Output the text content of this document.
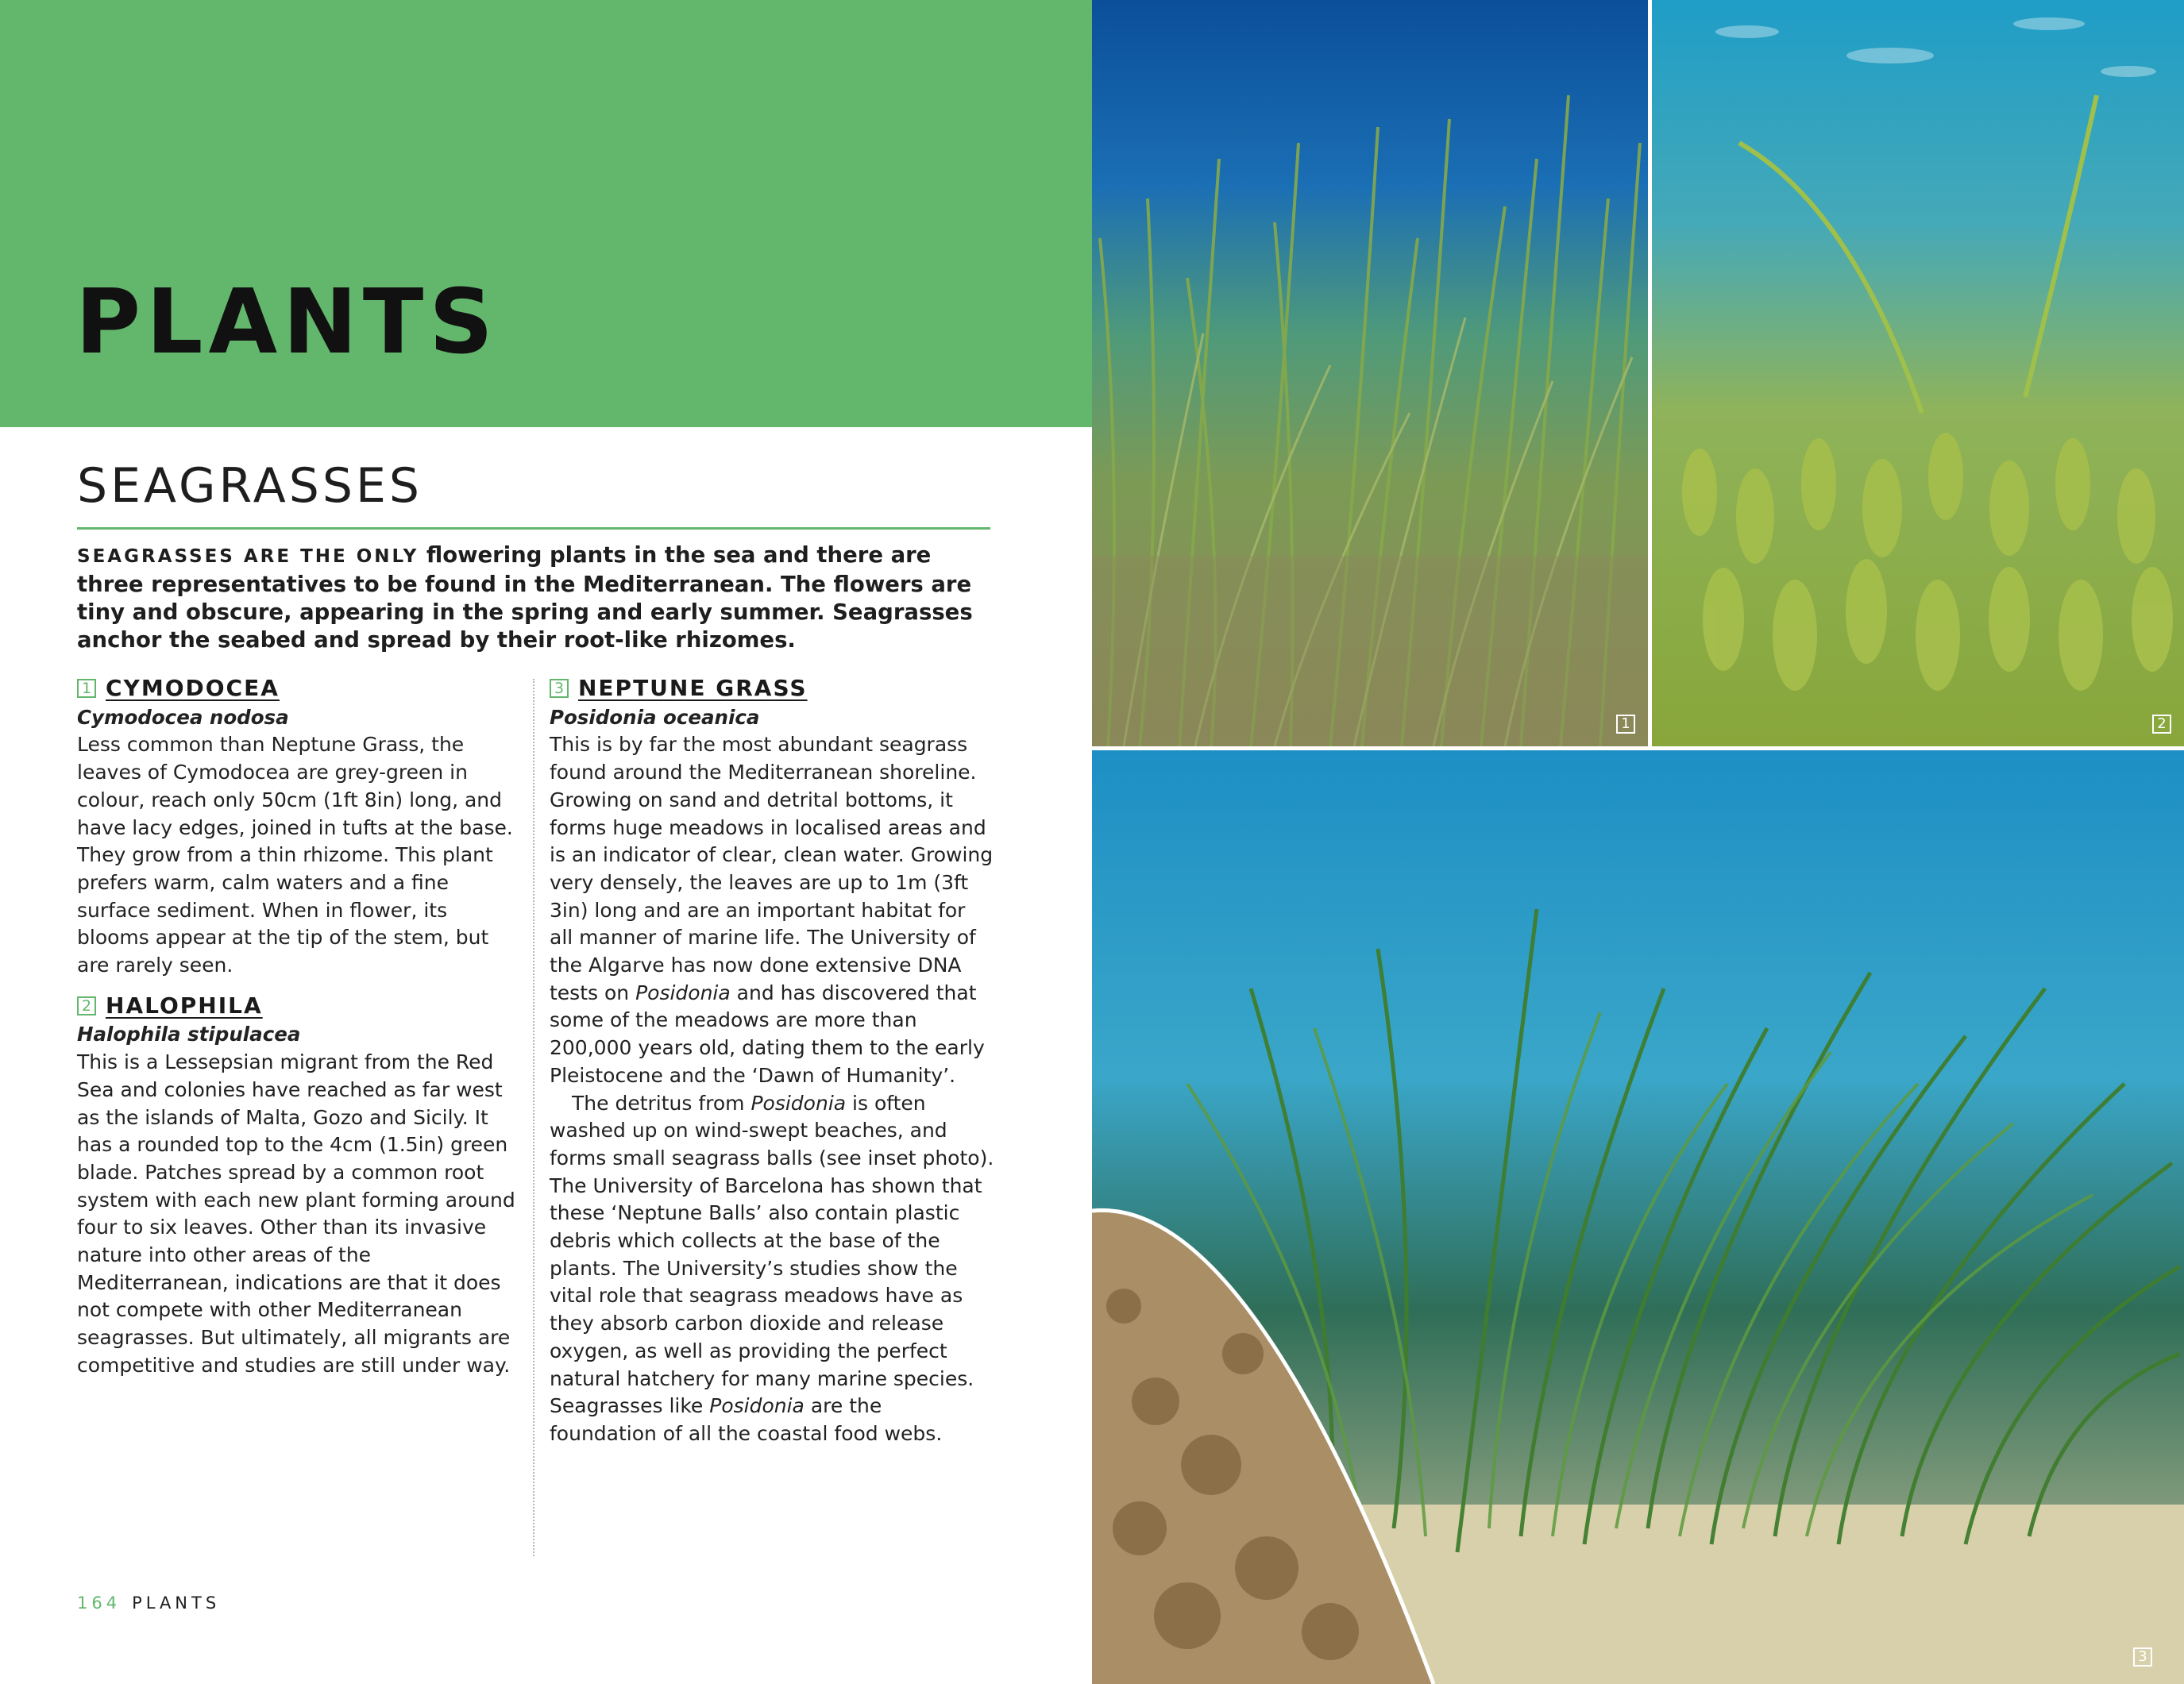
PLANTS
SEAGRASSES

SEAGRASSES ARE THE ONLY flowering plants in the sea and there are three representatives to be found in the Mediterranean. The flowers are tiny and obscure, appearing in the spring and early summer. Seagrasses anchor the seabed and spread by their root-like rhizomes.

1 CYMODOCEA
Cymodocea nodosa

Less common than Neptune Grass, the leaves of Cymodocea are grey-green in colour, reach only 50cm (1ft 8in) long, and have lacy edges, joined in tufts at the base. They grow from a thin rhizome. This plant prefers warm, calm waters and a fine surface sediment. When in flower, its blooms appear at the tip of the stem, but are rarely seen.

2 HALOPHILA
Halophila stipulacea

This is a Lessepsian migrant from the Red Sea and colonies have reached as far west as the islands of Malta, Gozo and Sicily. It has a rounded top to the 4cm (1.5in) green blade. Patches spread by a common root system with each new plant forming around four to six leaves. Other than its invasive nature into other areas of the Mediterranean, indications are that it does not compete with other Mediterranean seagrasses. But ultimately, all migrants are competitive and studies are still under way.

3 NEPTUNE GRASS
Posidonia oceanica

This is by far the most abundant seagrass found around the Mediterranean shoreline. Growing on sand and detrital bottoms, it forms huge meadows in localised areas and is an indicator of clear, clean water. Growing very densely, the leaves are up to 1m (3ft 3in) long and are an important habitat for all manner of marine life. The University of the Algarve has now done extensive DNA tests on Posidonia and has discovered that some of the meadows are more than 200,000 years old, dating them to the early Pleistocene and the ‘Dawn of Humanity’.

The detritus from Posidonia is often washed up on wind-swept beaches, and forms small seagrass balls (see inset photo). The University of Barcelona has shown that these ‘Neptune Balls’ also contain plastic debris which collects at the base of the plants. The University’s studies show the vital role that seagrass meadows have as they absorb carbon dioxide and release oxygen, as well as providing the perfect natural hatchery for many marine species. Seagrasses like Posidonia are the foundation of all the coastal food webs.

164 PLANTS
1	2
3
